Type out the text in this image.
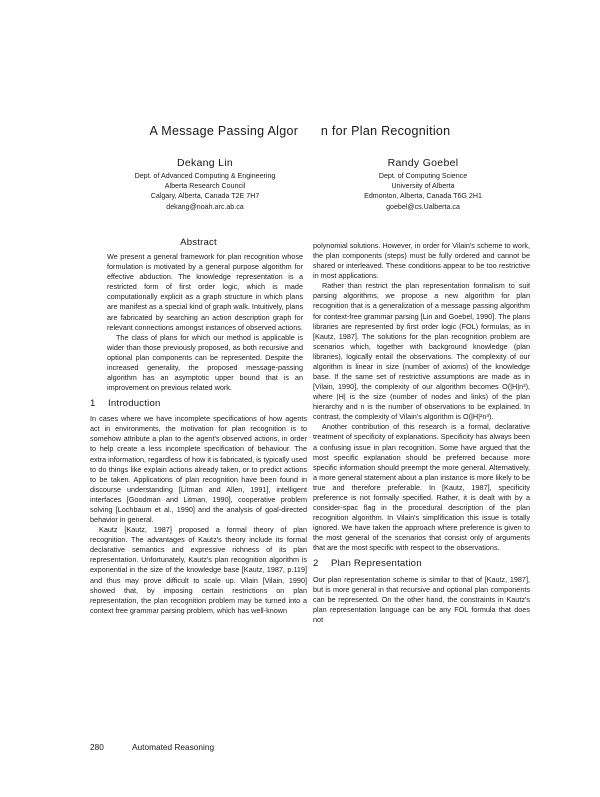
A Message Passing Algor      n for Plan Recognition
Dekang Lin
Dept. of Advanced Computing & Engineering
Alberta Research Council
Calgary, Alberta, Canada T2E 7H7
dekang@noah.arc.ab.ca
Randy Goebel
Dept. of Computing Science
University of Alberta
Edmonton, Alberta, Canada T6G 2H1
goebel@cs.Ualberta.ca
Abstract

We present a general framework for plan recognition whose formulation is motivated by a general purpose algorithm for effective abduction. The knowledge representation is a restricted form of first order logic, which is made computationally explicit as a graph structure in which plans are manifest as a special kind of graph walk. Intuitively, plans are fabricated by searching an action description graph for relevant connections amongst instances of observed actions.

The class of plans for which our method is applicable is wider than those previously proposed, as both recursive and optional plan components can be represented. Despite the increased generality, the proposed message-passing algorithm has an asymptotic upper bound that is an improvement on previous related work.

1 Introduction

In cases where we have incomplete specifications of how agents act in environments, the motivation for plan recognition is to somehow attribute a plan to the agent's observed actions, in order to help create a less incomplete specification of behaviour. The extra information, regardless of how it is fabricated, is typically used to do things like explain actions already taken, or to predict actions to be taken. Applications of plan recognition have been found in discourse understanding [Litman and Allen, 1991], intelligent interfaces [Goodman and Litman, 1990], cooperative problem solving [Lochbaum et al., 1990] and the analysis of goal-directed behavior in general.

Kautz [Kautz, 1987] proposed a formal theory of plan recognition. The advantages of Kautz's theory include its formal declarative semantics and expressive richness of its plan representation. Unfortunately, Kautz's plan recognition algorithm is exponential in the size of the knowledge base [Kautz, 1987, p.119] and thus may prove difficult to scale up. Vilain [Vilain, 1990] showed that, by imposing certain restrictions on plan representation, the plan recognition problem may be turned into a context free grammar parsing problem, which has well-known

polynomial solutions. However, in order for Vilain's scheme to work, the plan components (steps) must be fully ordered and cannot be shared or interleaved. These conditions appear to be too restrictive in most applications.

Rather than restrict the plan representation formalism to suit parsing algorithms, we propose a new algorithm for plan recognition that is a generalization of a message passing algorithm for context-free grammar parsing [Lin and Goebel, 1990]. The plans libraries are represented by first order logic (FOL) formulas, as in [Kautz, 1987]. The solutions for the plan recognition problem are scenarios which, together with background knowledge (plan libraries), logically entail the observations. The complexity of our algorithm is linear in size (number of axioms) of the knowledge base. If the same set of restrictive assumptions are made as in [Vilain, 1990], the complexity of our algorithm becomes O(|H|n³), where |H| is the size (number of nodes and links) of the plan hierarchy and n is the number of observations to be explained. In contrast, the complexity of Vilain's algorithm is O(|H|²n³).

Another contribution of this research is a formal, declarative treatment of specificity of explanations. Specificity has always been a confusing issue in plan recognition. Some have argued that the most specific explanation should be preferred because more specific information should preempt the more general. Alternatively, a more general statement about a plan instance is more likely to be true and therefore preferable. In [Kautz, 1987], specificity preference is not formally specified. Rather, it is dealt with by a consider-spac flag in the procedural description of the plan recognition algorithm. In Vilain's simplification this issue is totally ignored. We have taken the approach where preference is given to the most general of the scenarios that consist only of arguments that are the most specific with respect to the observations.

2 Plan Representation

Our plan representation scheme is similar to that of [Kautz, 1987], but is more general in that recursive and optional plan components can be represented. On the other hand, the constraints in Kautz's plan representation language can be any FOL formula that does not

280	Automated Reasoning
